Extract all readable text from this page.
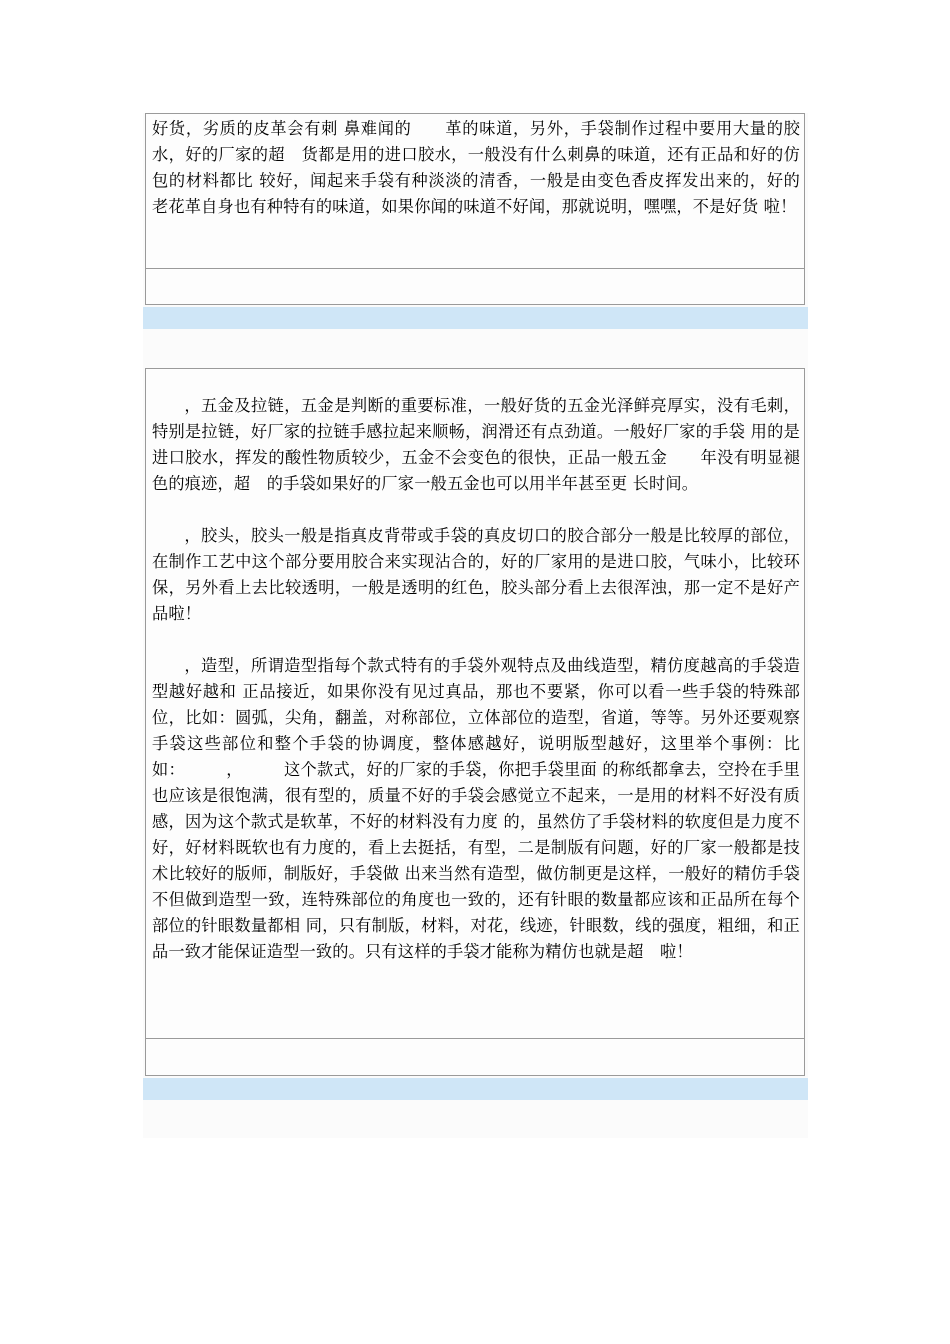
好货，劣质的皮革会有刺 鼻难闻的　　革的味道，另外，手袋制作过程中要用大量的胶水，好的厂家的超　货都是用的进口胶水，一般没有什么刺鼻的味道，还有正品和好的仿包的材料都比 较好，闻起来手袋有种淡淡的清香，一般是由变色香皮挥发出来的，好的　　老花革自身也有种特有的味道，如果你闻的味道不好闻，那就说明，嘿嘿，不是好货 啦！

，五金及拉链，五金是判断的重要标准，一般好货的五金光泽鲜亮厚实，没有毛刺，特别是拉链，好厂家的拉链手感拉起来顺畅，润滑还有点劲道。一般好厂家的手袋 用的是进口胶水，挥发的酸性物质较少，五金不会变色的很快，正品一般五金　　年没有明显褪色的痕迹，超　的手袋如果好的厂家一般五金也可以用半年甚至更 长时间。

，胶头，胶头一般是指真皮背带或手袋的真皮切口的胶合部分一般是比较厚的部位，在制作工艺中这个部分要用胶合来实现沾合的，好的厂家用的是进口胶，气味小，比较环保，另外看上去比较透明，一般是透明的红色，胶头部分看上去很浑浊，那一定不是好产品啦！

，造型，所谓造型指每个款式特有的手袋外观特点及曲线造型，精仿度越高的手袋造型越好越和 正品接近，如果你没有见过真品，那也不要紧，你可以看一些手袋的特殊部位，比如：圆弧，尖角，翻盖，对称部位，立体部位的造型，省道，等等。另外还要观察 手袋这些部位和整个手袋的协调度，整体感越好，说明版型越好，这里举个事例：比如：　　　，　　　这个款式，好的厂家的手袋，你把手袋里面 的称纸都拿去，空拎在手里也应该是很饱满，很有型的，质量不好的手袋会感觉立不起来，一是用的材料不好没有质感，因为这个款式是软革，不好的材料没有力度 的，虽然仿了手袋材料的软度但是力度不好，好材料既软也有力度的，看上去挺括，有型，二是制版有问题，好的厂家一般都是技术比较好的版师，制版好，手袋做 出来当然有造型，做仿制更是这样，一般好的精仿手袋不但做到造型一致，连特殊部位的角度也一致的，还有针眼的数量都应该和正品所在每个部位的针眼数量都相 同，只有制版，材料，对花，线迹，针眼数，线的强度，粗细，和正品一致才能保证造型一致的。只有这样的手袋才能称为精仿也就是超　啦！
